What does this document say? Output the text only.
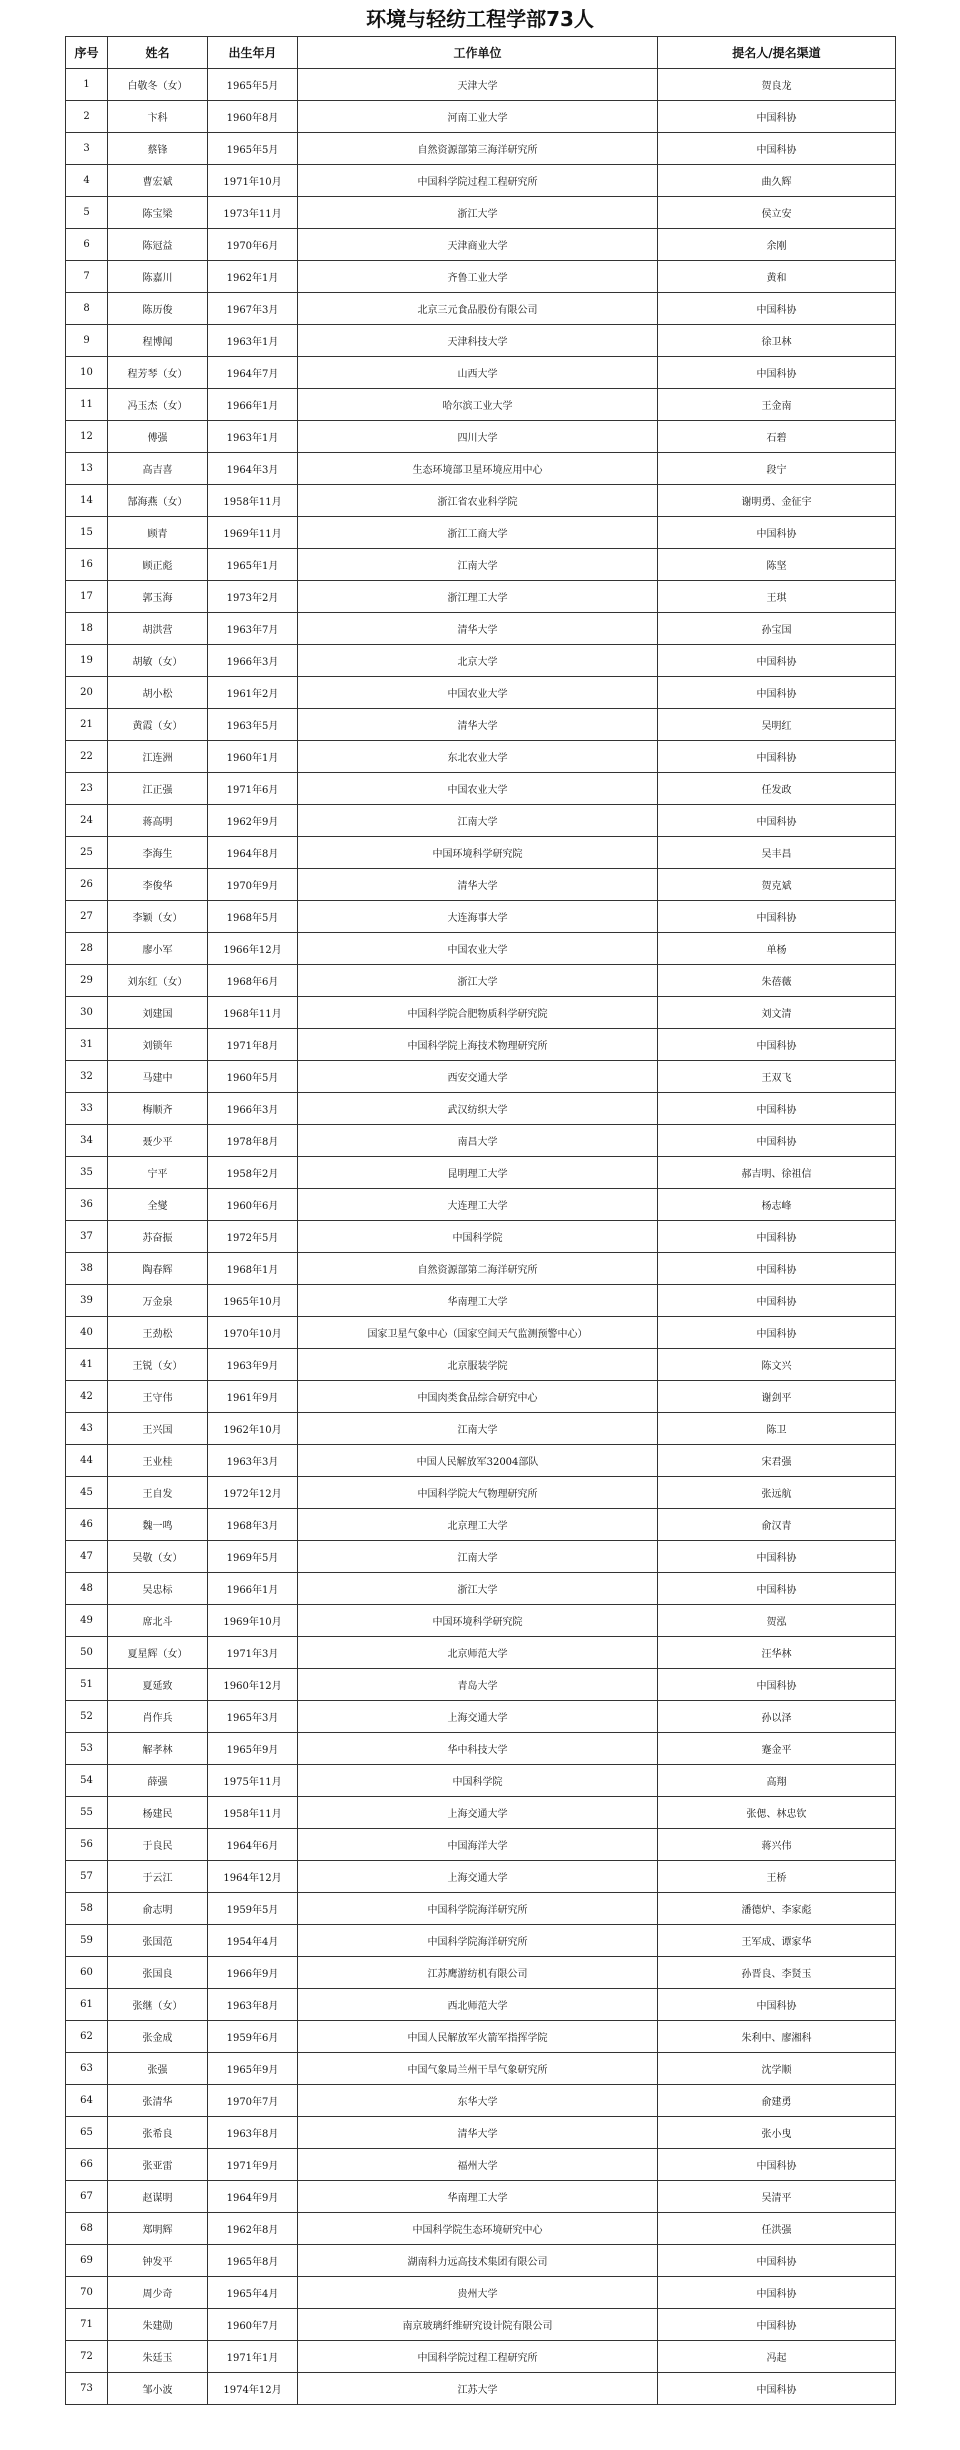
环境与轻纺工程学部73人
序号	姓名	出生年月	工作单位	提名人/提名渠道
1	白敬冬（女）	1965年5月	天津大学	贺良龙
2	卞科	1960年8月	河南工业大学	中国科协
3	蔡锋	1965年5月	自然资源部第三海洋研究所	中国科协
4	曹宏斌	1971年10月	中国科学院过程工程研究所	曲久辉
5	陈宝梁	1973年11月	浙江大学	侯立安
6	陈冠益	1970年6月	天津商业大学	余刚
7	陈嘉川	1962年1月	齐鲁工业大学	黄和
8	陈历俊	1967年3月	北京三元食品股份有限公司	中国科协
9	程博闻	1963年1月	天津科技大学	徐卫林
10	程芳琴（女）	1964年7月	山西大学	中国科协
11	冯玉杰（女）	1966年1月	哈尔滨工业大学	王金南
12	傅强	1963年1月	四川大学	石碧
13	高吉喜	1964年3月	生态环境部卫星环境应用中心	段宁
14	郜海燕（女）	1958年11月	浙江省农业科学院	谢明勇、金征宇
15	顾青	1969年11月	浙江工商大学	中国科协
16	顾正彪	1965年1月	江南大学	陈坚
17	郭玉海	1973年2月	浙江理工大学	王琪
18	胡洪营	1963年7月	清华大学	孙宝国
19	胡敏（女）	1966年3月	北京大学	中国科协
20	胡小松	1961年2月	中国农业大学	中国科协
21	黄霞（女）	1963年5月	清华大学	吴明红
22	江连洲	1960年1月	东北农业大学	中国科协
23	江正强	1971年6月	中国农业大学	任发政
24	蒋高明	1962年9月	江南大学	中国科协
25	李海生	1964年8月	中国环境科学研究院	吴丰昌
26	李俊华	1970年9月	清华大学	贺克斌
27	李颖（女）	1968年5月	大连海事大学	中国科协
28	廖小军	1966年12月	中国农业大学	单杨
29	刘东红（女）	1968年6月	浙江大学	朱蓓薇
30	刘建国	1968年11月	中国科学院合肥物质科学研究院	刘文清
31	刘锁年	1971年8月	中国科学院上海技术物理研究所	中国科协
32	马建中	1960年5月	西安交通大学	王双飞
33	梅顺齐	1966年3月	武汉纺织大学	中国科协
34	聂少平	1978年8月	南昌大学	中国科协
35	宁平	1958年2月	昆明理工大学	郝吉明、徐祖信
36	全燮	1960年6月	大连理工大学	杨志峰
37	苏奋振	1972年5月	中国科学院	中国科协
38	陶春辉	1968年1月	自然资源部第二海洋研究所	中国科协
39	万金泉	1965年10月	华南理工大学	中国科协
40	王劲松	1970年10月	国家卫星气象中心（国家空间天气监测预警中心）	中国科协
41	王锐（女）	1963年9月	北京服装学院	陈文兴
42	王守伟	1961年9月	中国肉类食品综合研究中心	谢剑平
43	王兴国	1962年10月	江南大学	陈卫
44	王业桂	1963年3月	中国人民解放军32004部队	宋君强
45	王自发	1972年12月	中国科学院大气物理研究所	张远航
46	魏一鸣	1968年3月	北京理工大学	俞汉青
47	吴敬（女）	1969年5月	江南大学	中国科协
48	吴忠标	1966年1月	浙江大学	中国科协
49	席北斗	1969年10月	中国环境科学研究院	贺泓
50	夏星辉（女）	1971年3月	北京师范大学	汪华林
51	夏延致	1960年12月	青岛大学	中国科协
52	肖作兵	1965年3月	上海交通大学	孙以泽
53	解孝林	1965年9月	华中科技大学	蹇金平
54	薛强	1975年11月	中国科学院	高翔
55	杨建民	1958年11月	上海交通大学	张偲、林忠钦
56	于良民	1964年6月	中国海洋大学	蒋兴伟
57	于云江	1964年12月	上海交通大学	王桥
58	俞志明	1959年5月	中国科学院海洋研究所	潘德炉、李家彪
59	张国范	1954年4月	中国科学院海洋研究所	王军成、谭家华
60	张国良	1966年9月	江苏鹰游纺机有限公司	孙晋良、李贤玉
61	张继（女）	1963年8月	西北师范大学	中国科协
62	张金成	1959年6月	中国人民解放军火箭军指挥学院	朱利中、廖湘科
63	张强	1965年9月	中国气象局兰州干旱气象研究所	沈学顺
64	张清华	1970年7月	东华大学	俞建勇
65	张希良	1963年8月	清华大学	张小曳
66	张亚雷	1971年9月	福州大学	中国科协
67	赵谋明	1964年9月	华南理工大学	吴清平
68	郑明辉	1962年8月	中国科学院生态环境研究中心	任洪强
69	钟发平	1965年8月	湖南科力远高技术集团有限公司	中国科协
70	周少奇	1965年4月	贵州大学	中国科协
71	朱建勋	1960年7月	南京玻璃纤维研究设计院有限公司	中国科协
72	朱廷玉	1971年1月	中国科学院过程工程研究所	冯起
73	邹小波	1974年12月	江苏大学	中国科协
